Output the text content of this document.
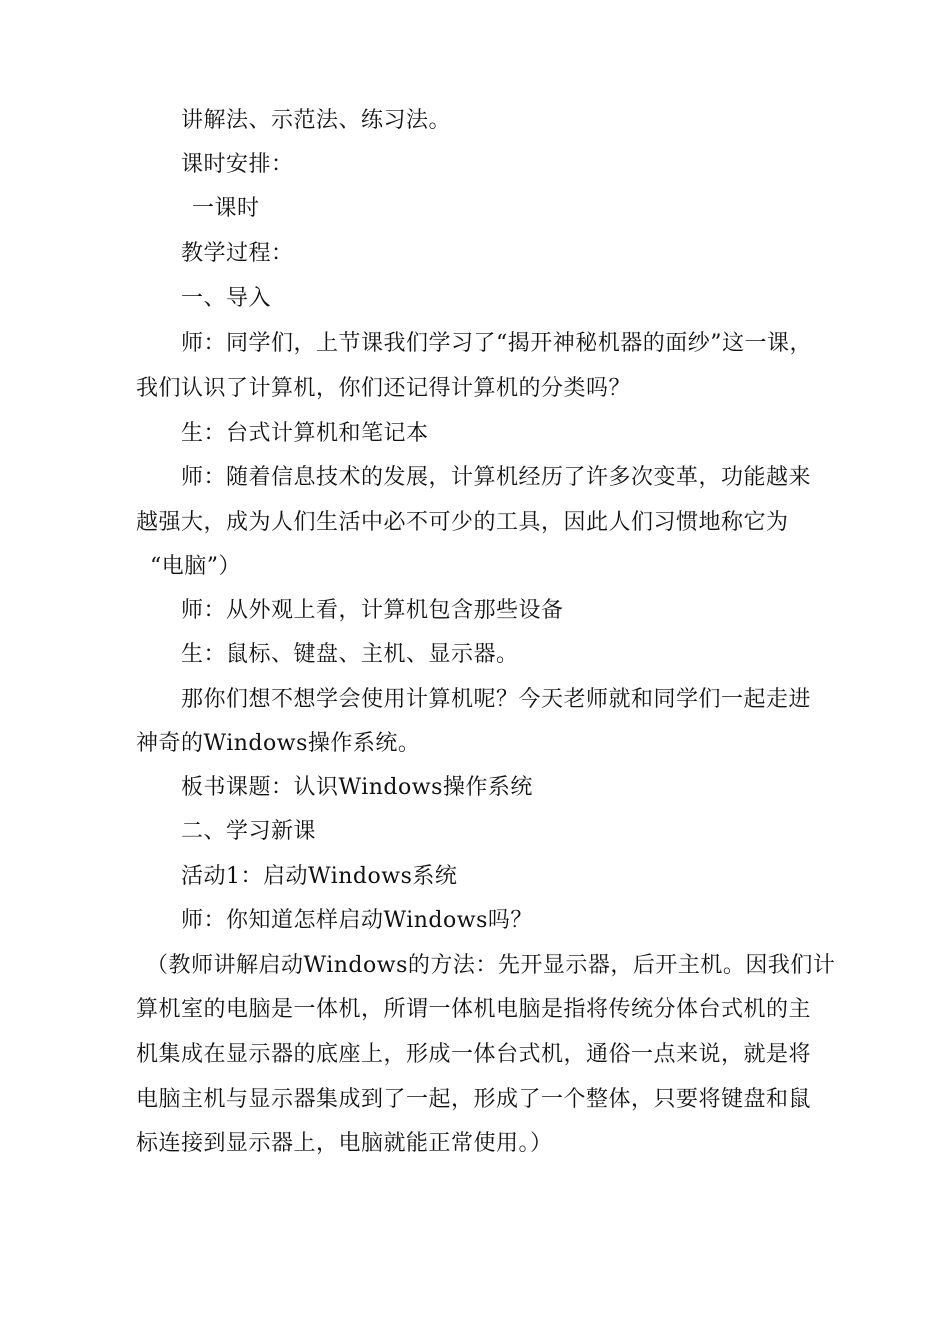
讲解法、示范法、练习法。
课时安排：
一课时
教学过程：
一、导入
师：同学们，上节课我们学习了“揭开神秘机器的面纱”这一课，
我们认识了计算机，你们还记得计算机的分类吗？
生：台式计算机和笔记本
师：随着信息技术的发展，计算机经历了许多次变革，功能越来
越强大，成为人们生活中必不可少的工具，因此人们习惯地称它为
“电脑”）
师：从外观上看，计算机包含那些设备
生：鼠标、键盘、主机、显示器。
那你们想不想学会使用计算机呢？今天老师就和同学们一起走进
神奇的Windows操作系统。
板书课题：认识Windows操作系统
二、学习新课
活动1：启动Windows系统
师：你知道怎样启动Windows吗？
（教师讲解启动Windows的方法：先开显示器，后开主机。因我们计
算机室的电脑是一体机，所谓一体机电脑是指将传统分体台式机的主
机集成在显示器的底座上，形成一体台式机，通俗一点来说，就是将
电脑主机与显示器集成到了一起，形成了一个整体，只要将键盘和鼠
标连接到显示器上，电脑就能正常使用。）
